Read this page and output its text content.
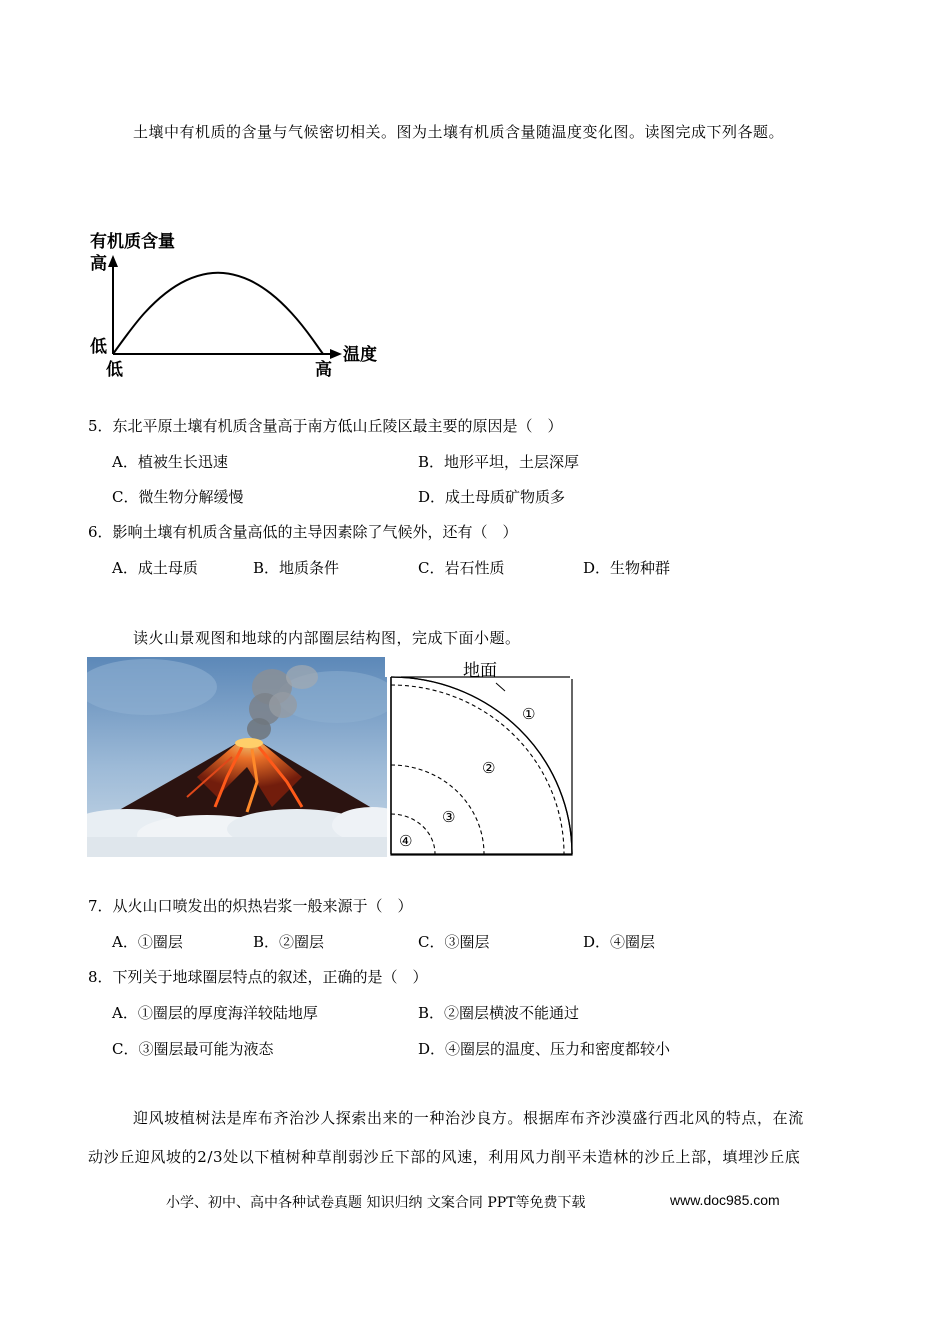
土壤中有机质的含量与气候密切相关。图为土壤有机质含量随温度变化图。读图完成下列各题。
有机质含量
高
低
低	高
温度
5．东北平原土壤有机质含量高于南方低山丘陵区最主要的原因是（　）
A．植被生长迅速	B．地形平坦，土层深厚
C．微生物分解缓慢	D．成土母质矿物质多
6．影响土壤有机质含量高低的主导因素除了气候外，还有（　）
A．成土母质	B．地质条件	C．岩石性质	D．生物种群
读火山景观图和地球的内部圈层结构图，完成下面小题。
地面
①
②
③
④
7．从火山口喷发出的炽热岩浆一般来源于（　）
A．①圈层	B．②圈层	C．③圈层	D．④圈层
8．下列关于地球圈层特点的叙述，正确的是（　）
A．①圈层的厚度海洋较陆地厚	B．②圈层横波不能通过
C．③圈层最可能为液态	D．④圈层的温度、压力和密度都较小
迎风坡植树法是库布齐治沙人探索出来的一种治沙良方。根据库布齐沙漠盛行西北风的特点，在流
动沙丘迎风坡的2/3处以下植树种草削弱沙丘下部的风速，利用风力削平未造林的沙丘上部，填埋沙丘底
小学、初中、高中各种试卷真题 知识归纳 文案合同 PPT等免费下载	www.doc985.com
